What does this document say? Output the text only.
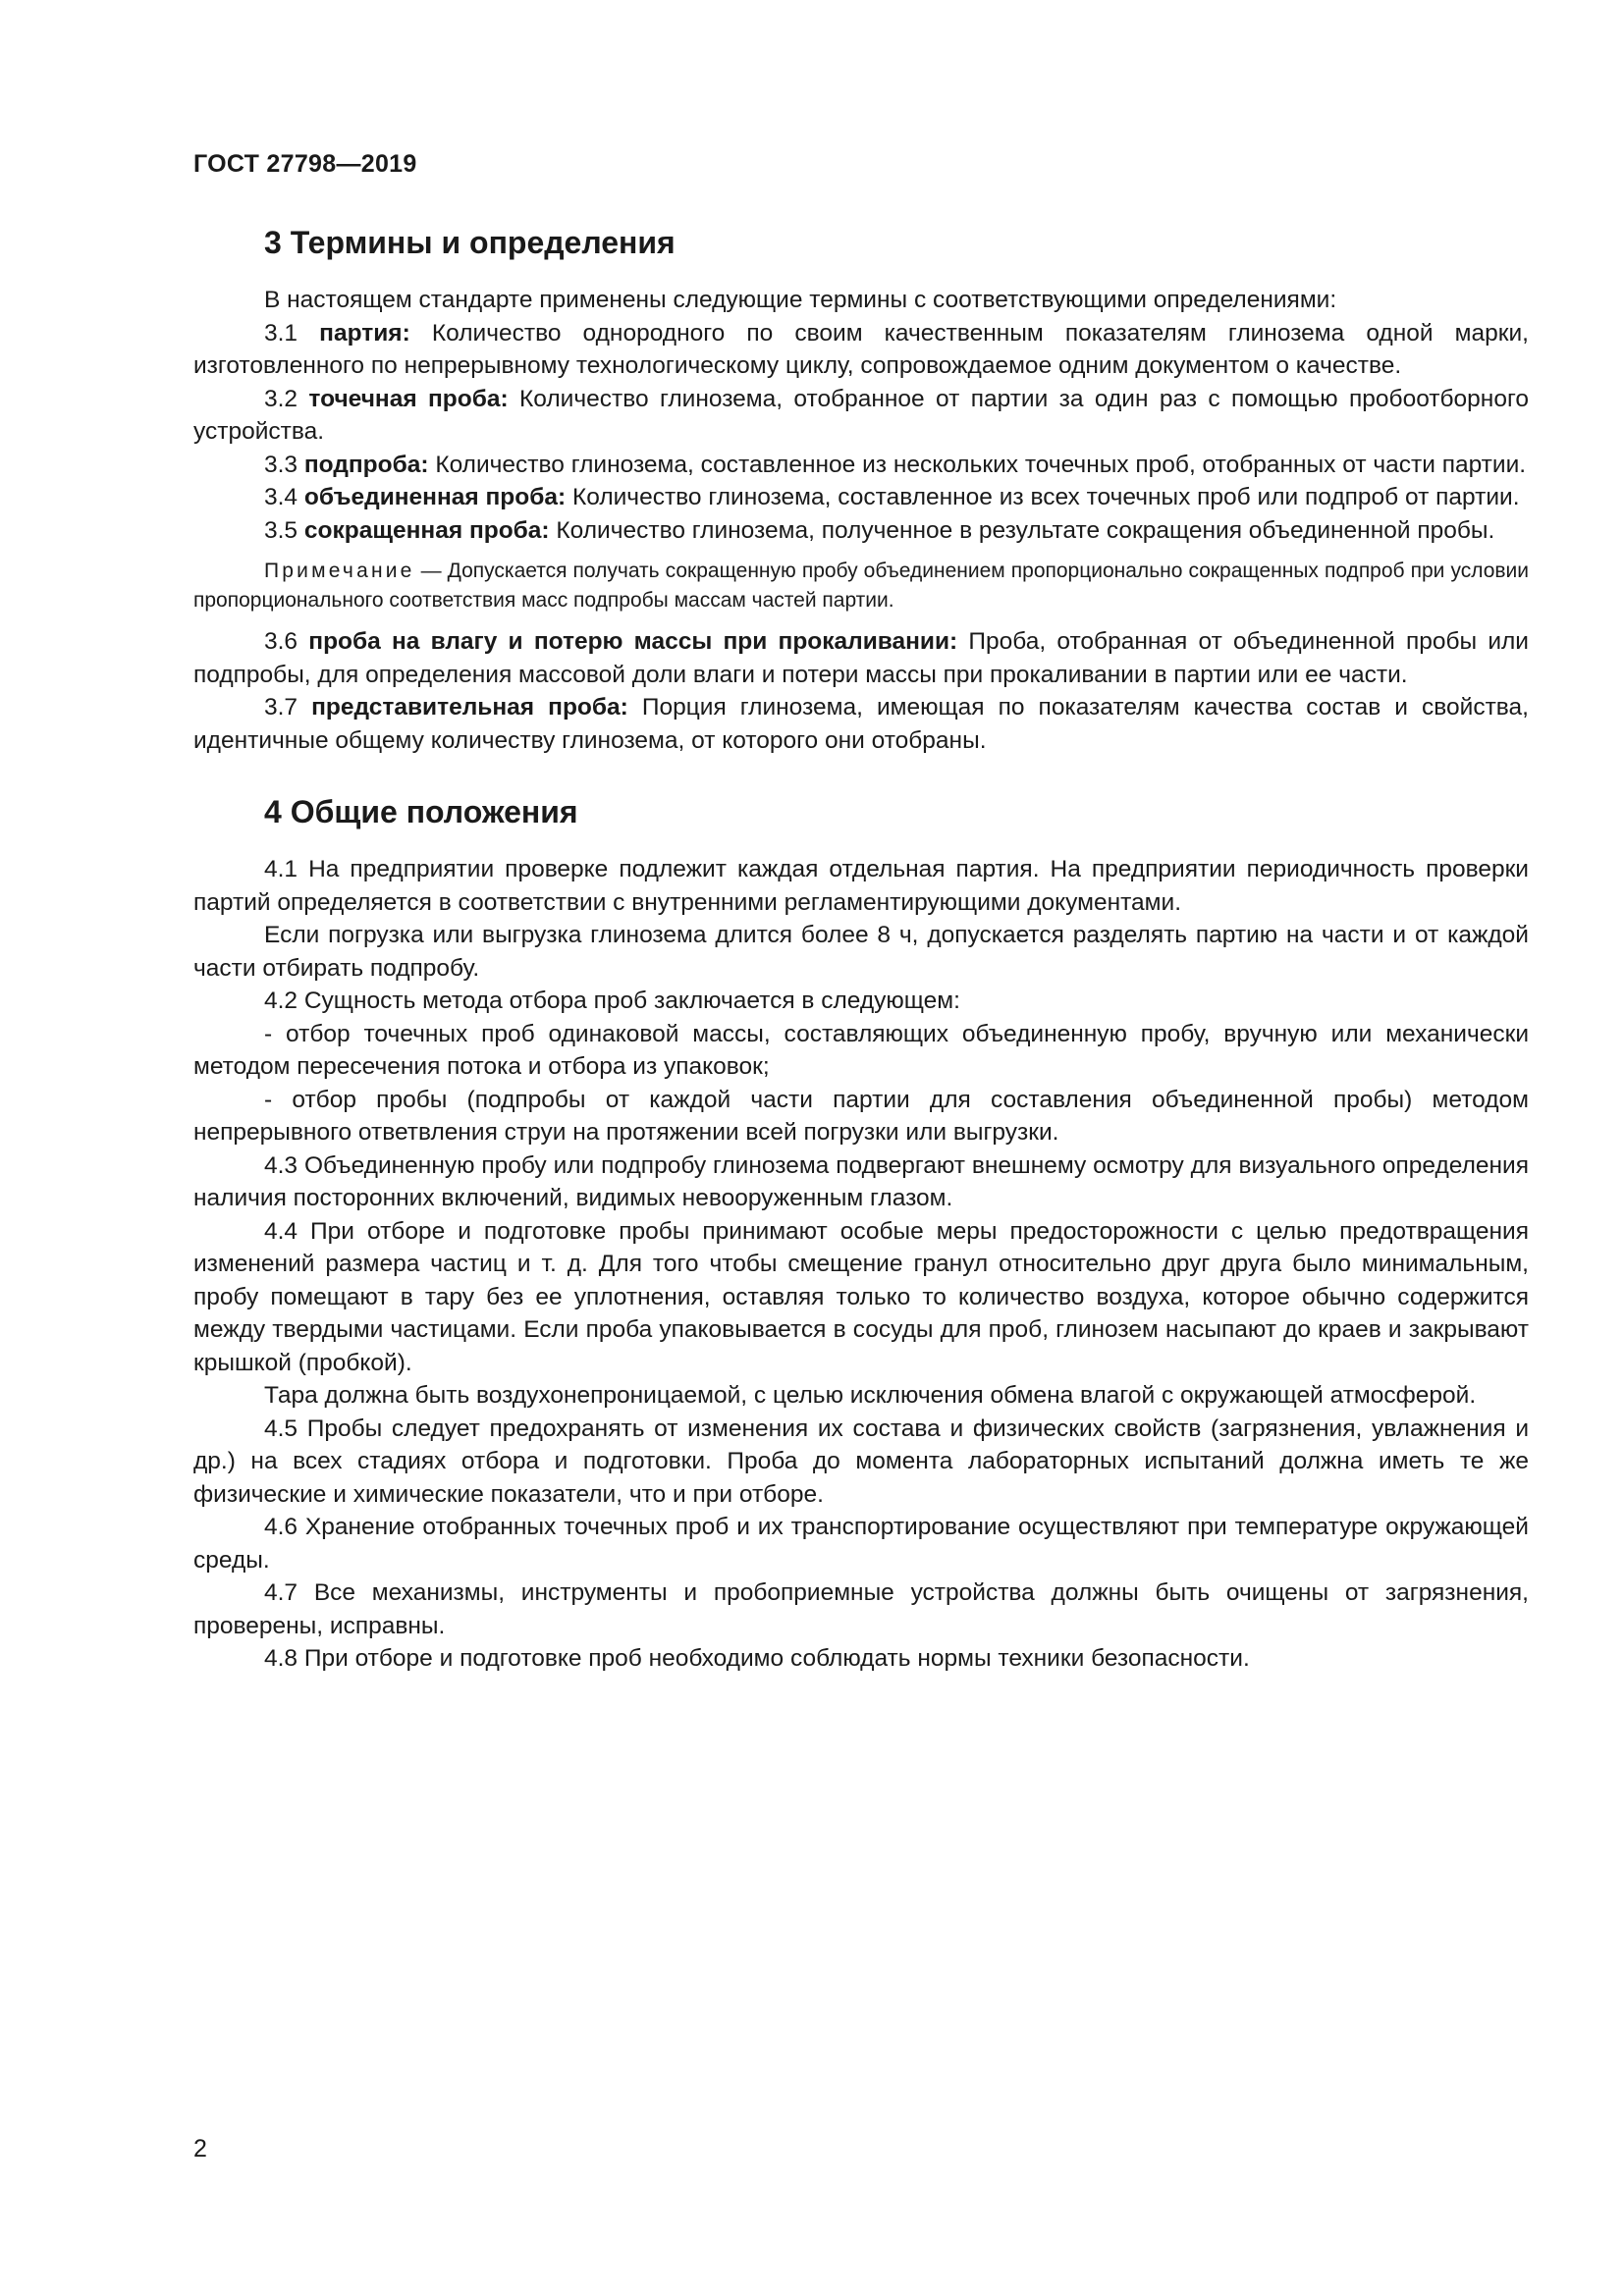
ГОСТ 27798—2019
3 Термины и определения

В настоящем стандарте применены следующие термины с соответствующими определениями:

3.1 партия: Количество однородного по своим качественным показателям глинозема одной марки, изготовленного по непрерывному технологическому циклу, сопровождаемое одним документом о качестве.

3.2 точечная проба: Количество глинозема, отобранное от партии за один раз с помощью пробоотборного устройства.

3.3 подпроба: Количество глинозема, составленное из нескольких точечных проб, отобранных от части партии.

3.4 объединенная проба: Количество глинозема, составленное из всех точечных проб или подпроб от партии.

3.5 сокращенная проба: Количество глинозема, полученное в результате сокращения объединенной пробы.

Примечание — Допускается получать сокращенную пробу объединением пропорционально сокращенных подпроб при условии пропорционального соответствия масс подпробы массам частей партии.

3.6 проба на влагу и потерю массы при прокаливании: Проба, отобранная от объединенной пробы или подпробы, для определения массовой доли влаги и потери массы при прокаливании в партии или ее части.

3.7 представительная проба: Порция глинозема, имеющая по показателям качества состав и свойства, идентичные общему количеству глинозема, от которого они отобраны.

4 Общие положения

4.1 На предприятии проверке подлежит каждая отдельная партия. На предприятии периодичность проверки партий определяется в соответствии с внутренними регламентирующими документами.

Если погрузка или выгрузка глинозема длится более 8 ч, допускается разделять партию на части и от каждой части отбирать подпробу.

4.2 Сущность метода отбора проб заключается в следующем:

- отбор точечных проб одинаковой массы, составляющих объединенную пробу, вручную или механически методом пересечения потока и отбора из упаковок;

- отбор пробы (подпробы от каждой части партии для составления объединенной пробы) методом непрерывного ответвления струи на протяжении всей погрузки или выгрузки.

4.3 Объединенную пробу или подпробу глинозема подвергают внешнему осмотру для визуального определения наличия посторонних включений, видимых невооруженным глазом.

4.4 При отборе и подготовке пробы принимают особые меры предосторожности с целью предотвращения изменений размера частиц и т. д. Для того чтобы смещение гранул относительно друг друга было минимальным, пробу помещают в тару без ее уплотнения, оставляя только то количество воздуха, которое обычно содержится между твердыми частицами. Если проба упаковывается в сосуды для проб, глинозем насыпают до краев и закрывают крышкой (пробкой).

Тара должна быть воздухонепроницаемой, с целью исключения обмена влагой с окружающей атмосферой.

4.5 Пробы следует предохранять от изменения их состава и физических свойств (загрязнения, увлажнения и др.) на всех стадиях отбора и подготовки. Проба до момента лабораторных испытаний должна иметь те же физические и химические показатели, что и при отборе.

4.6 Хранение отобранных точечных проб и их транспортирование осуществляют при температуре окружающей среды.

4.7 Все механизмы, инструменты и пробоприемные устройства должны быть очищены от загрязнения, проверены, исправны.

4.8 При отборе и подготовке проб необходимо соблюдать нормы техники безопасности.

2
